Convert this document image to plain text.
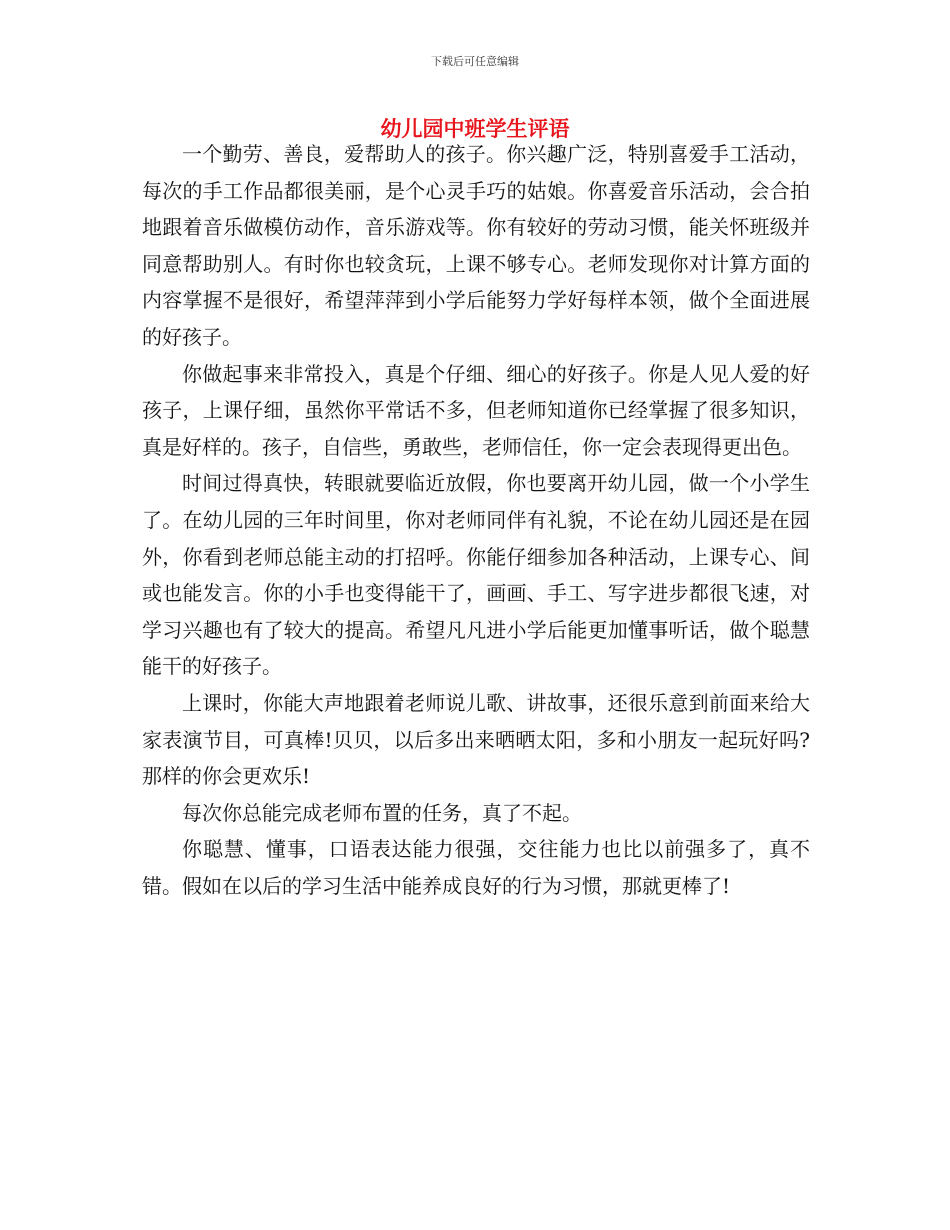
下载后可任意编辑
幼儿园中班学生评语

一个勤劳、善良，爱帮助人的孩子。你兴趣广泛，特别喜爱手工活动，每次的手工作品都很美丽，是个心灵手巧的姑娘。你喜爱音乐活动，会合拍地跟着音乐做模仿动作，音乐游戏等。你有较好的劳动习惯，能关怀班级并同意帮助别人。有时你也较贪玩，上课不够专心。老师发现你对计算方面的内容掌握不是很好，希望萍萍到小学后能努力学好每样本领，做个全面进展的好孩子。

你做起事来非常投入，真是个仔细、细心的好孩子。你是人见人爱的好孩子，上课仔细，虽然你平常话不多，但老师知道你已经掌握了很多知识，真是好样的。孩子，自信些，勇敢些，老师信任，你一定会表现得更出色。

时间过得真快，转眼就要临近放假，你也要离开幼儿园，做一个小学生了。在幼儿园的三年时间里，你对老师同伴有礼貌，不论在幼儿园还是在园外，你看到老师总能主动的打招呼。你能仔细参加各种活动，上课专心、间或也能发言。你的小手也变得能干了，画画、手工、写字进步都很飞速，对学习兴趣也有了较大的提高。希望凡凡进小学后能更加懂事听话，做个聪慧能干的好孩子。

上课时，你能大声地跟着老师说儿歌、讲故事，还很乐意到前面来给大家表演节目，可真棒!贝贝，以后多出来晒晒太阳，多和小朋友一起玩好吗?那样的你会更欢乐!

每次你总能完成老师布置的任务，真了不起。

你聪慧、懂事，口语表达能力很强，交往能力也比以前强多了，真不错。假如在以后的学习生活中能养成良好的行为习惯，那就更棒了!
